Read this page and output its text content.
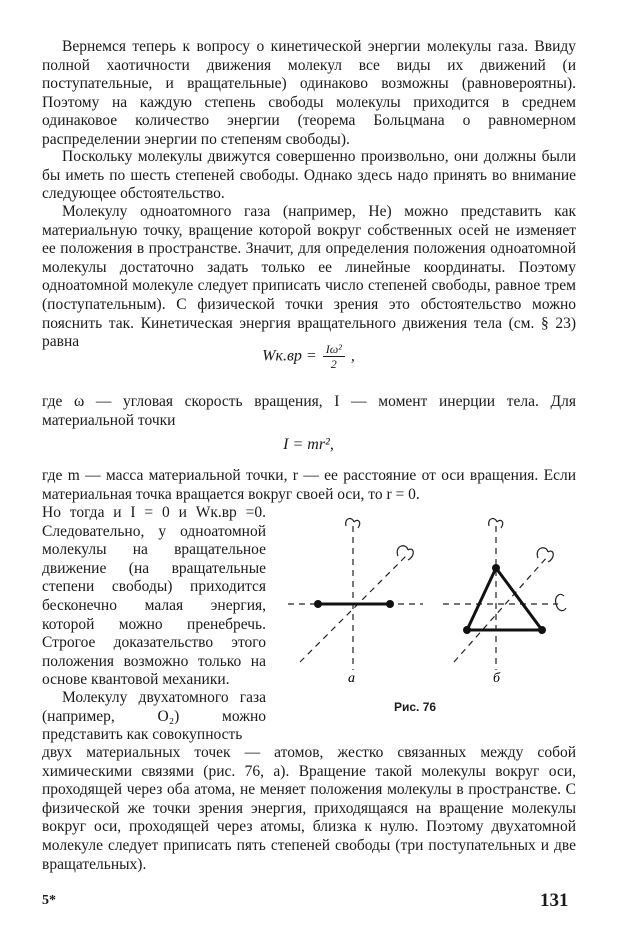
Вернемся теперь к вопросу о кинетической энергии молекулы газа. Ввиду полной хаотичности движения молекул все виды их движений (и поступательные, и вращательные) одинаково возможны (равновероятны). Поэтому на каждую степень свободы молекулы приходится в среднем одинаковое количество энергии (теорема Больцмана о равномерном распределении энергии по степеням свободы).

Поскольку молекулы движутся совершенно произвольно, они должны были бы иметь по шесть степеней свободы. Однако здесь надо принять во внимание следующее обстоятельство.

Молекулу одноатомного газа (например, He) можно представить как материальную точку, вращение которой вокруг собственных осей не изменяет ее положения в пространстве. Значит, для определения положения одноатомной молекулы достаточно задать только ее линейные координаты. Поэтому одноатомной молекуле следует приписать число степеней свободы, равное трем (поступательным). С физической точки зрения это обстоятельство можно пояснить так. Кинетическая энергия вращательного движения тела (см. § 23) равна

$Wк.вр = \frac{\text{Iω²}}{2}$ ,

где ω — угловая скорость вращения, I — момент инерции тела. Для материальной точки

I = mr²,

где m — масса материальной точки, r — ее расстояние от оси вращения. Если материальная точка вращается вокруг своей оси, то r = 0.

Но тогда и I = 0 и Wк.вр =0. Следовательно, у одноатомной молекулы на вращательное движение (на вращательные степени свободы) приходится бесконечно малая энергия, которой можно пренебречь. Строгое доказательство этого положения возможно только на основе квантовой механики.

Молекулу двухатомного газа (например, O₂) можно представить как совокупность

а	б
Рис. 76

двух материальных точек — атомов, жестко связанных между собой химическими связями (рис. 76, а). Вращение такой молекулы вокруг оси, проходящей через оба атома, не меняет положения молекулы в пространстве. С физической же точки зрения энергия, приходящаяся на вращение молекулы вокруг оси, проходящей через атомы, близка к нулю. Поэтому двухатомной молекуле следует приписать пять степеней свободы (три поступательных и две вращательных).

5*	131
